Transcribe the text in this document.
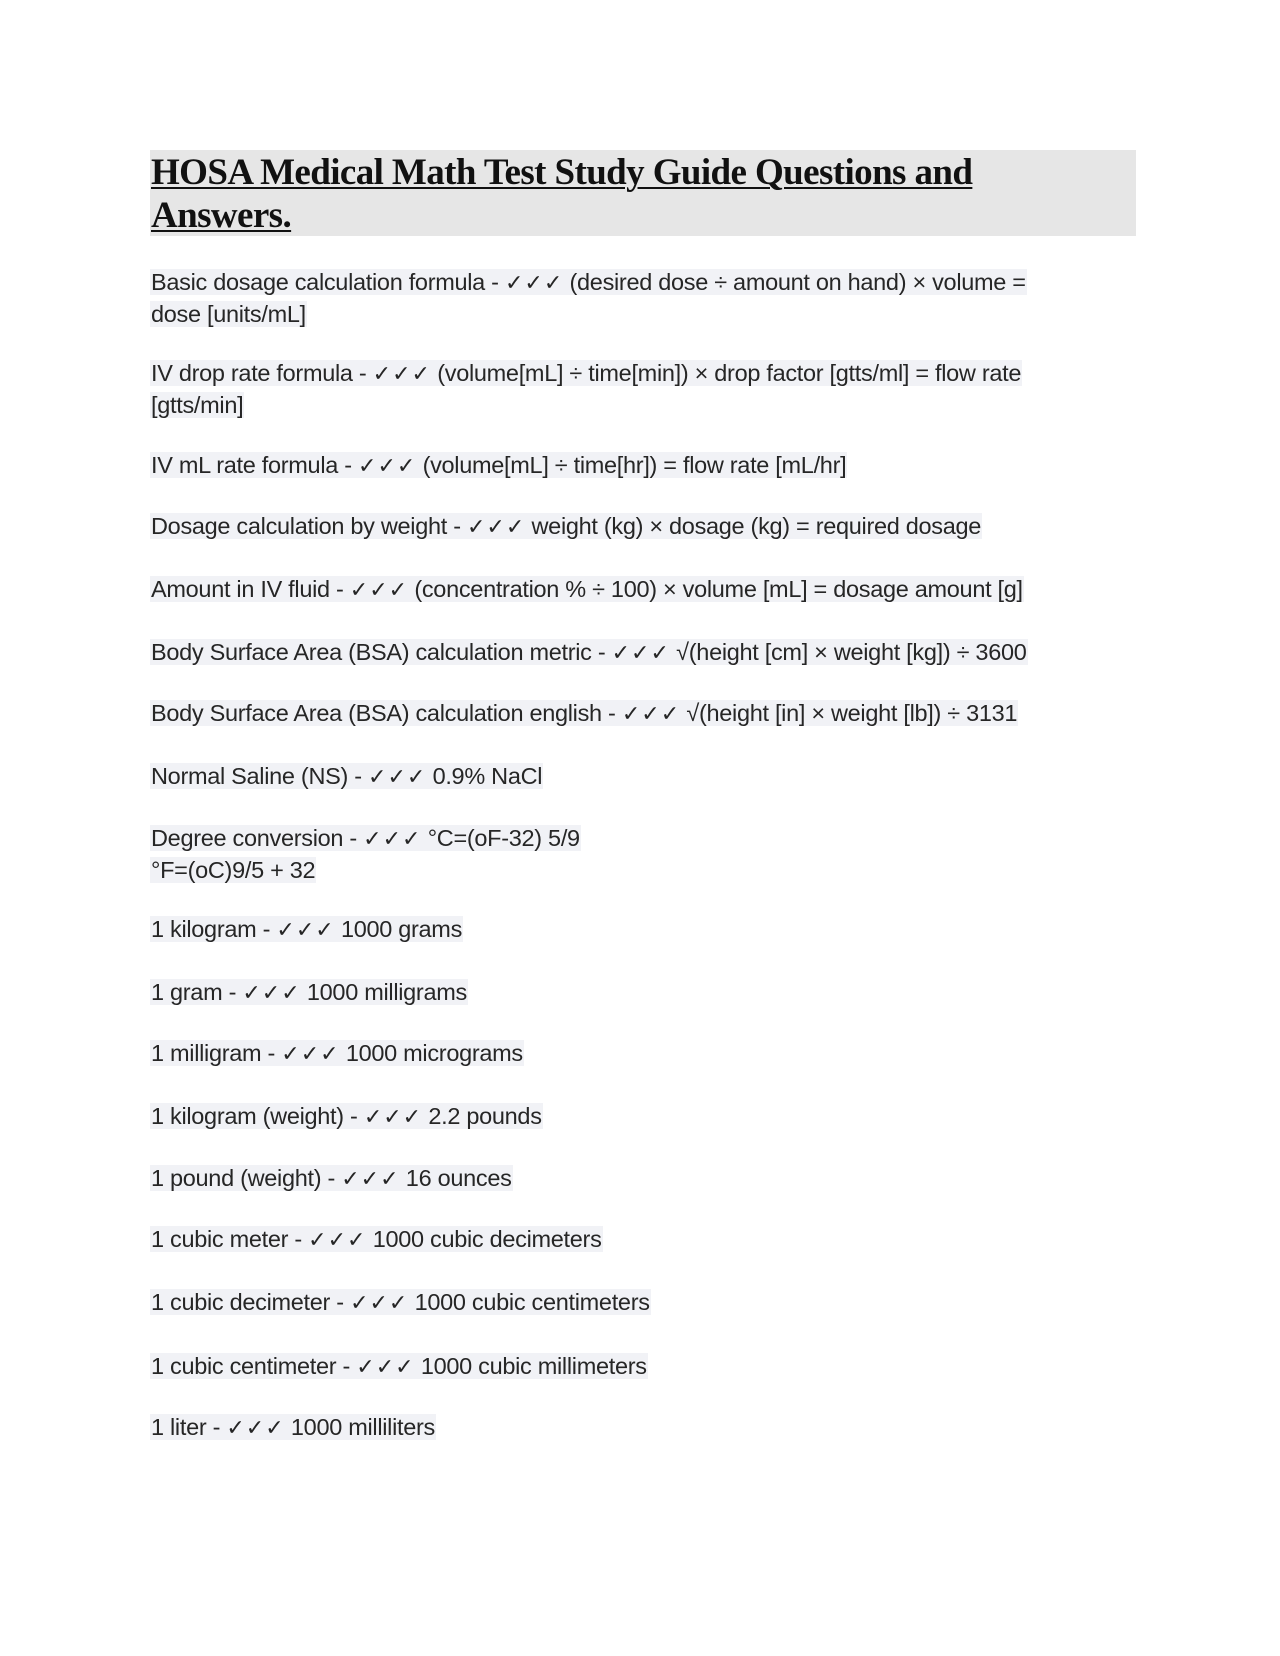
HOSA Medical Math Test Study Guide Questions and
Answers.

Basic dosage calculation formula - ✓✓✓ (desired dose ÷ amount on hand) × volume =
dose [units/mL]

IV drop rate formula - ✓✓✓ (volume[mL] ÷ time[min]) × drop factor [gtts/ml] = flow rate
[gtts/min]

IV mL rate formula - ✓✓✓ (volume[mL] ÷ time[hr]) = flow rate [mL/hr]

Dosage calculation by weight - ✓✓✓ weight (kg) × dosage (kg) = required dosage

Amount in IV fluid - ✓✓✓ (concentration % ÷ 100) × volume [mL] = dosage amount [g]

Body Surface Area (BSA) calculation metric - ✓✓✓ √(height [cm] × weight [kg]) ÷ 3600

Body Surface Area (BSA) calculation english - ✓✓✓ √(height [in] × weight [lb]) ÷ 3131

Normal Saline (NS) - ✓✓✓ 0.9% NaCl

Degree conversion - ✓✓✓ °C=(oF-32) 5/9
°F=(oC)9/5 + 32

1 kilogram - ✓✓✓ 1000 grams

1 gram - ✓✓✓ 1000 milligrams

1 milligram - ✓✓✓ 1000 micrograms

1 kilogram (weight) - ✓✓✓ 2.2 pounds

1 pound (weight) - ✓✓✓ 16 ounces

1 cubic meter - ✓✓✓ 1000 cubic decimeters

1 cubic decimeter - ✓✓✓ 1000 cubic centimeters

1 cubic centimeter - ✓✓✓ 1000 cubic millimeters

1 liter - ✓✓✓ 1000 milliliters
